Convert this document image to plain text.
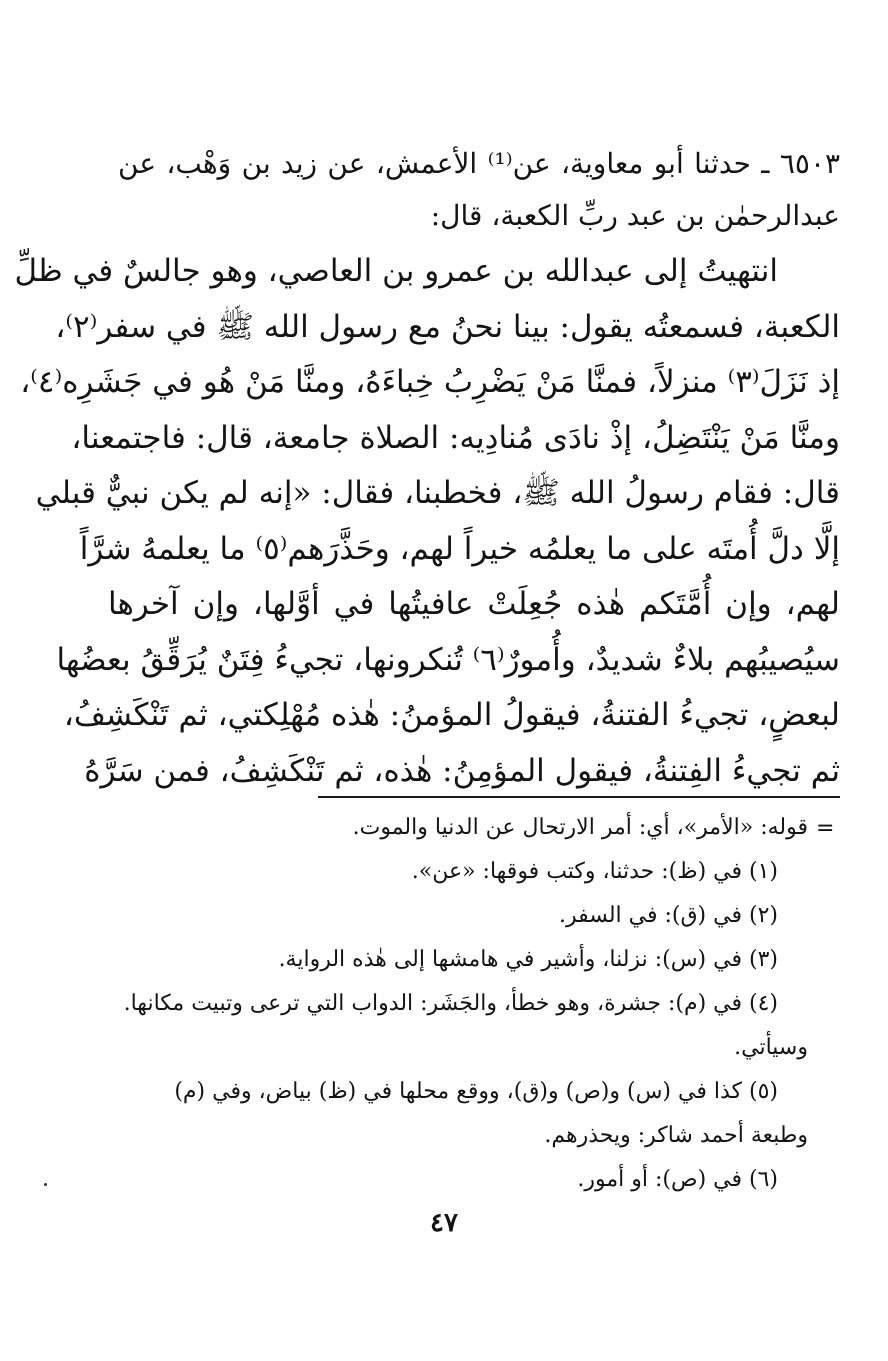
٦٥٠٣ ـ حدثنا أبو معاوية، عن⁽¹⁾ الأعمش، عن زيد بن وَهْب، عن
عبدالرحمٰن بن عبد ربِّ الكعبة، قال:
انتهيتُ إلى عبدالله بن عمرو بن العاصي، وهو جالسٌ في ظلِّ
الكعبة، فسمعتُه يقول: بينا نحنُ مع رسول الله ﷺ في سفر⁽٢⁾،
إذ نَزَلَ⁽٣⁾ منزلاً، فمنَّا مَنْ يَضْرِبُ خِباءَهُ، ومنَّا مَنْ هُو في جَشَرِه⁽٤⁾،
ومنَّا مَنْ يَنْتَضِلُ، إذْ نادَى مُنادِيه: الصلاة جامعة، قال: فاجتمعنا،
قال: فقام رسولُ الله ﷺ، فخطبنا، فقال: «إنه لم يكن نبيٌّ قبلي
إلَّا دلَّ أُمتَه على ما يعلمُه خيراً لهم، وحَذَّرَهم⁽٥⁾ ما يعلمهُ شرَّاً
لهم، وإن أُمَّتَكم هٰذه جُعِلَتْ عافيتُها في أوَّلها، وإن آخرها
سيُصيبُهم بلاءٌ شديدٌ، وأُمورٌ⁽٦⁾ تُنكرونها، تجيءُ فِتَنٌ يُرَقِّقُ بعضُها
لبعضٍ، تجيءُ الفتنةُ، فيقولُ المؤمنُ: هٰذه مُهْلِكتي، ثم تَنْكَشِفُ،
ثم تجيءُ الفِتنةُ، فيقول المؤمِنُ: هٰذه، ثم تَنْكَشِفُ، فمن سَرَّهُ
=
قوله: «الأمر»، أي: أمر الارتحال عن الدنيا والموت.
(١) في (ظ): حدثنا، وكتب فوقها: «عن».
(٢) في (ق): في السفر.
(٣) في (س): نزلنا، وأشير في هامشها إلى هٰذه الرواية.
(٤) في (م): جشرة، وهو خطأ، والجَشَر: الدواب التي ترعى وتبيت مكانها.
وسيأتي.
(٥) كذا في (س) و(ص) و(ق)، ووقع محلها في (ظ) بياض، وفي (م)
وطبعة أحمد شاكر: ويحذرهم.
(٦) في (ص): أو أمور.
٤٧
